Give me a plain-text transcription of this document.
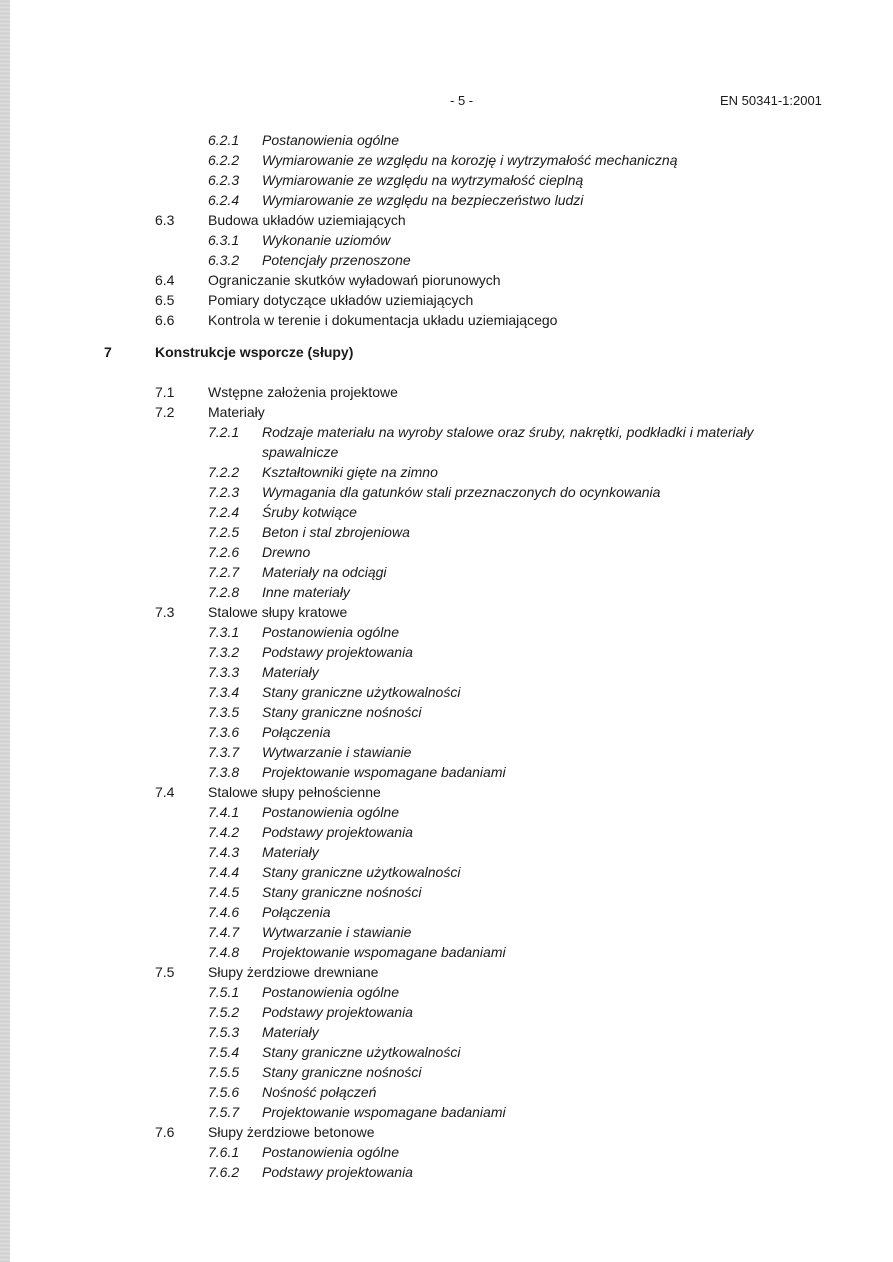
- 5 -	EN 50341-1:2001
6.2.1 Postanowienia ogólne
6.2.2 Wymiarowanie ze względu na korozję i wytrzymałość mechaniczną
6.2.3 Wymiarowanie ze względu na wytrzymałość cieplną
6.2.4 Wymiarowanie ze względu na bezpieczeństwo ludzi
6.3 Budowa układów uziemiających
6.3.1 Wykonanie uziomów
6.3.2 Potencjały przenoszone
6.4 Ograniczanie skutków wyładowań piorunowych
6.5 Pomiary dotyczące układów uziemiających
6.6 Kontrola w terenie i dokumentacja układu uziemiającego
7	Konstrukcje wsporcze (słupy)
7.1 Wstępne założenia projektowe
7.2 Materiały
7.2.1 Rodzaje materiału na wyroby stalowe oraz śruby, nakrętki, podkładki i materiały spawalnicze
7.2.2 Kształtowniki gięte na zimno
7.2.3 Wymagania dla gatunków stali przeznaczonych do ocynkowania
7.2.4 Śruby kotwiące
7.2.5 Beton i stal zbrojeniowa
7.2.6 Drewno
7.2.7 Materiały na odciągi
7.2.8 Inne materiały
7.3 Stalowe słupy kratowe
7.3.1 Postanowienia ogólne
7.3.2 Podstawy projektowania
7.3.3 Materiały
7.3.4 Stany graniczne użytkowalności
7.3.5 Stany graniczne nośności
7.3.6 Połączenia
7.3.7 Wytwarzanie i stawianie
7.3.8 Projektowanie wspomagane badaniami
7.4 Stalowe słupy pełnościenne
7.4.1 Postanowienia ogólne
7.4.2 Podstawy projektowania
7.4.3 Materiały
7.4.4 Stany graniczne użytkowalności
7.4.5 Stany graniczne nośności
7.4.6 Połączenia
7.4.7 Wytwarzanie i stawianie
7.4.8 Projektowanie wspomagane badaniami
7.5 Słupy żerdziowe drewniane
7.5.1 Postanowienia ogólne
7.5.2 Podstawy projektowania
7.5.3 Materiały
7.5.4 Stany graniczne użytkowalności
7.5.5 Stany graniczne nośności
7.5.6 Nośność połączeń
7.5.7 Projektowanie wspomagane badaniami
7.6 Słupy żerdziowe betonowe
7.6.1 Postanowienia ogólne
7.6.2 Podstawy projektowania
